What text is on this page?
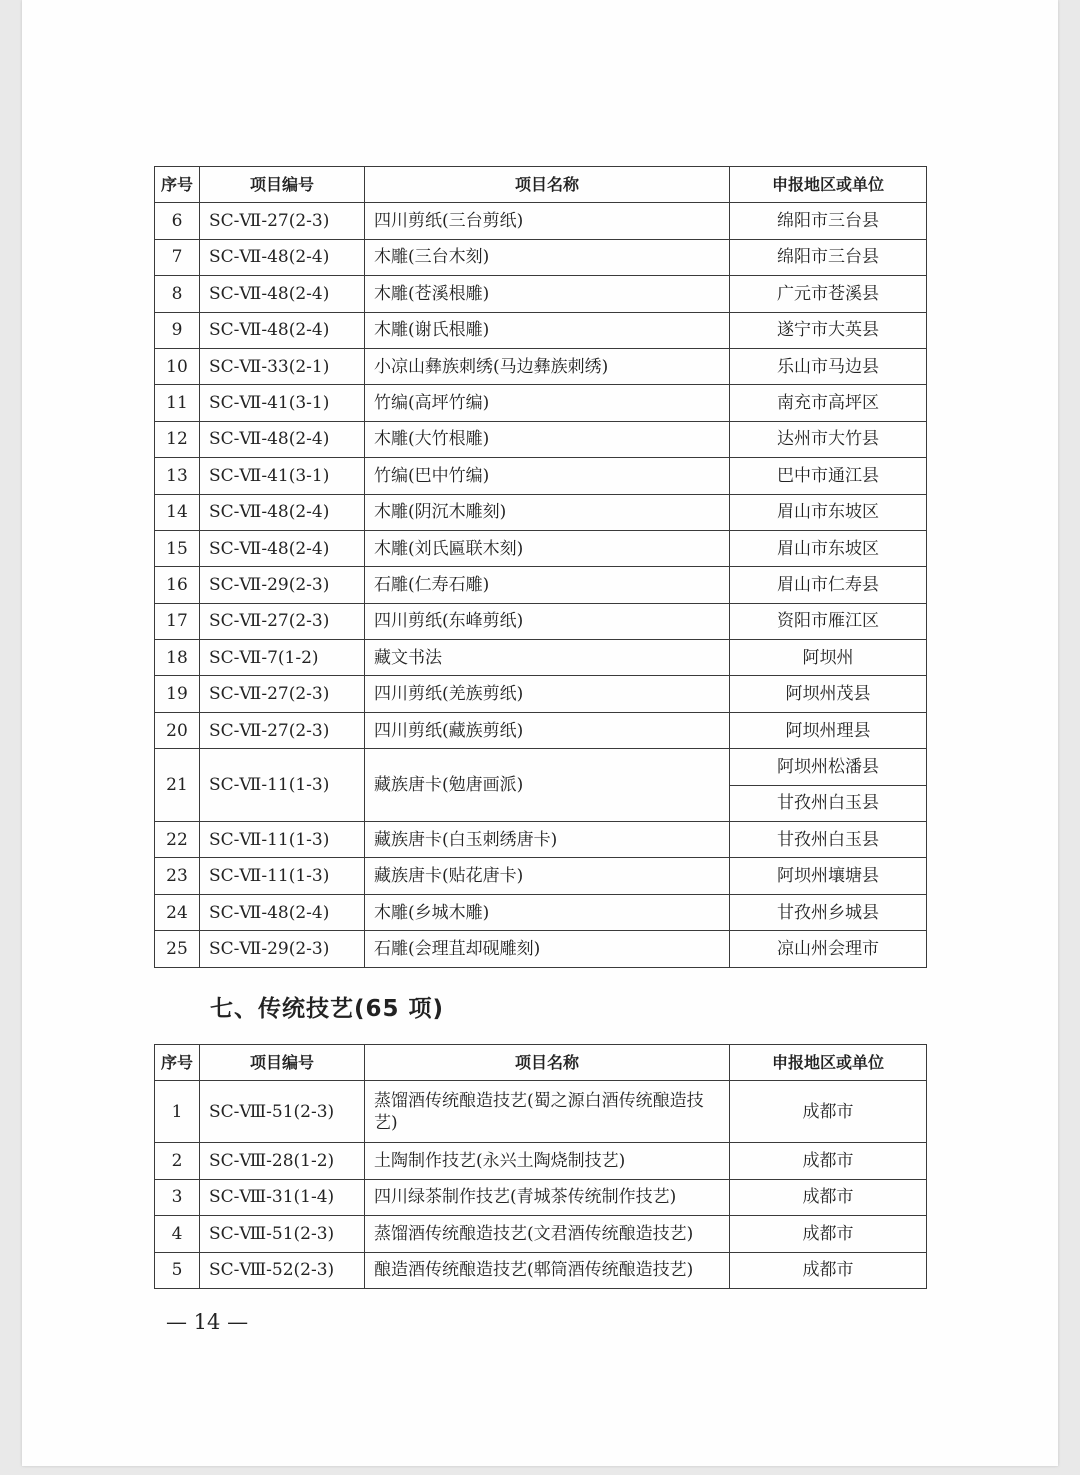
序号	项目编号	项目名称	申报地区或单位
6	SC-Ⅶ-27(2-3)	四川剪纸(三台剪纸)	绵阳市三台县
7	SC-Ⅶ-48(2-4)	木雕(三台木刻)	绵阳市三台县
8	SC-Ⅶ-48(2-4)	木雕(苍溪根雕)	广元市苍溪县
9	SC-Ⅶ-48(2-4)	木雕(谢氏根雕)	遂宁市大英县
10	SC-Ⅶ-33(2-1)	小凉山彝族刺绣(马边彝族刺绣)	乐山市马边县
11	SC-Ⅶ-41(3-1)	竹编(高坪竹编)	南充市高坪区
12	SC-Ⅶ-48(2-4)	木雕(大竹根雕)	达州市大竹县
13	SC-Ⅶ-41(3-1)	竹编(巴中竹编)	巴中市通江县
14	SC-Ⅶ-48(2-4)	木雕(阴沉木雕刻)	眉山市东坡区
15	SC-Ⅶ-48(2-4)	木雕(刘氏匾联木刻)	眉山市东坡区
16	SC-Ⅶ-29(2-3)	石雕(仁寿石雕)	眉山市仁寿县
17	SC-Ⅶ-27(2-3)	四川剪纸(东峰剪纸)	资阳市雁江区
18	SC-Ⅶ-7(1-2)	藏文书法	阿坝州
19	SC-Ⅶ-27(2-3)	四川剪纸(羌族剪纸)	阿坝州茂县
20	SC-Ⅶ-27(2-3)	四川剪纸(藏族剪纸)	阿坝州理县
21	SC-Ⅶ-11(1-3)	藏族唐卡(勉唐画派)	阿坝州松潘县
			甘孜州白玉县
22	SC-Ⅶ-11(1-3)	藏族唐卡(白玉刺绣唐卡)	甘孜州白玉县
23	SC-Ⅶ-11(1-3)	藏族唐卡(贴花唐卡)	阿坝州壤塘县
24	SC-Ⅶ-48(2-4)	木雕(乡城木雕)	甘孜州乡城县
25	SC-Ⅶ-29(2-3)	石雕(会理苴却砚雕刻)	凉山州会理市
七、传统技艺(65 项)
序号	项目编号	项目名称	申报地区或单位
1	SC-Ⅷ-51(2-3)	蒸馏酒传统酿造技艺(蜀之源白酒传统酿造技艺)	成都市
2	SC-Ⅷ-28(1-2)	土陶制作技艺(永兴土陶烧制技艺)	成都市
3	SC-Ⅷ-31(1-4)	四川绿茶制作技艺(青城茶传统制作技艺)	成都市
4	SC-Ⅷ-51(2-3)	蒸馏酒传统酿造技艺(文君酒传统酿造技艺)	成都市
5	SC-Ⅷ-52(2-3)	酿造酒传统酿造技艺(郫筒酒传统酿造技艺)	成都市
— 14 —
